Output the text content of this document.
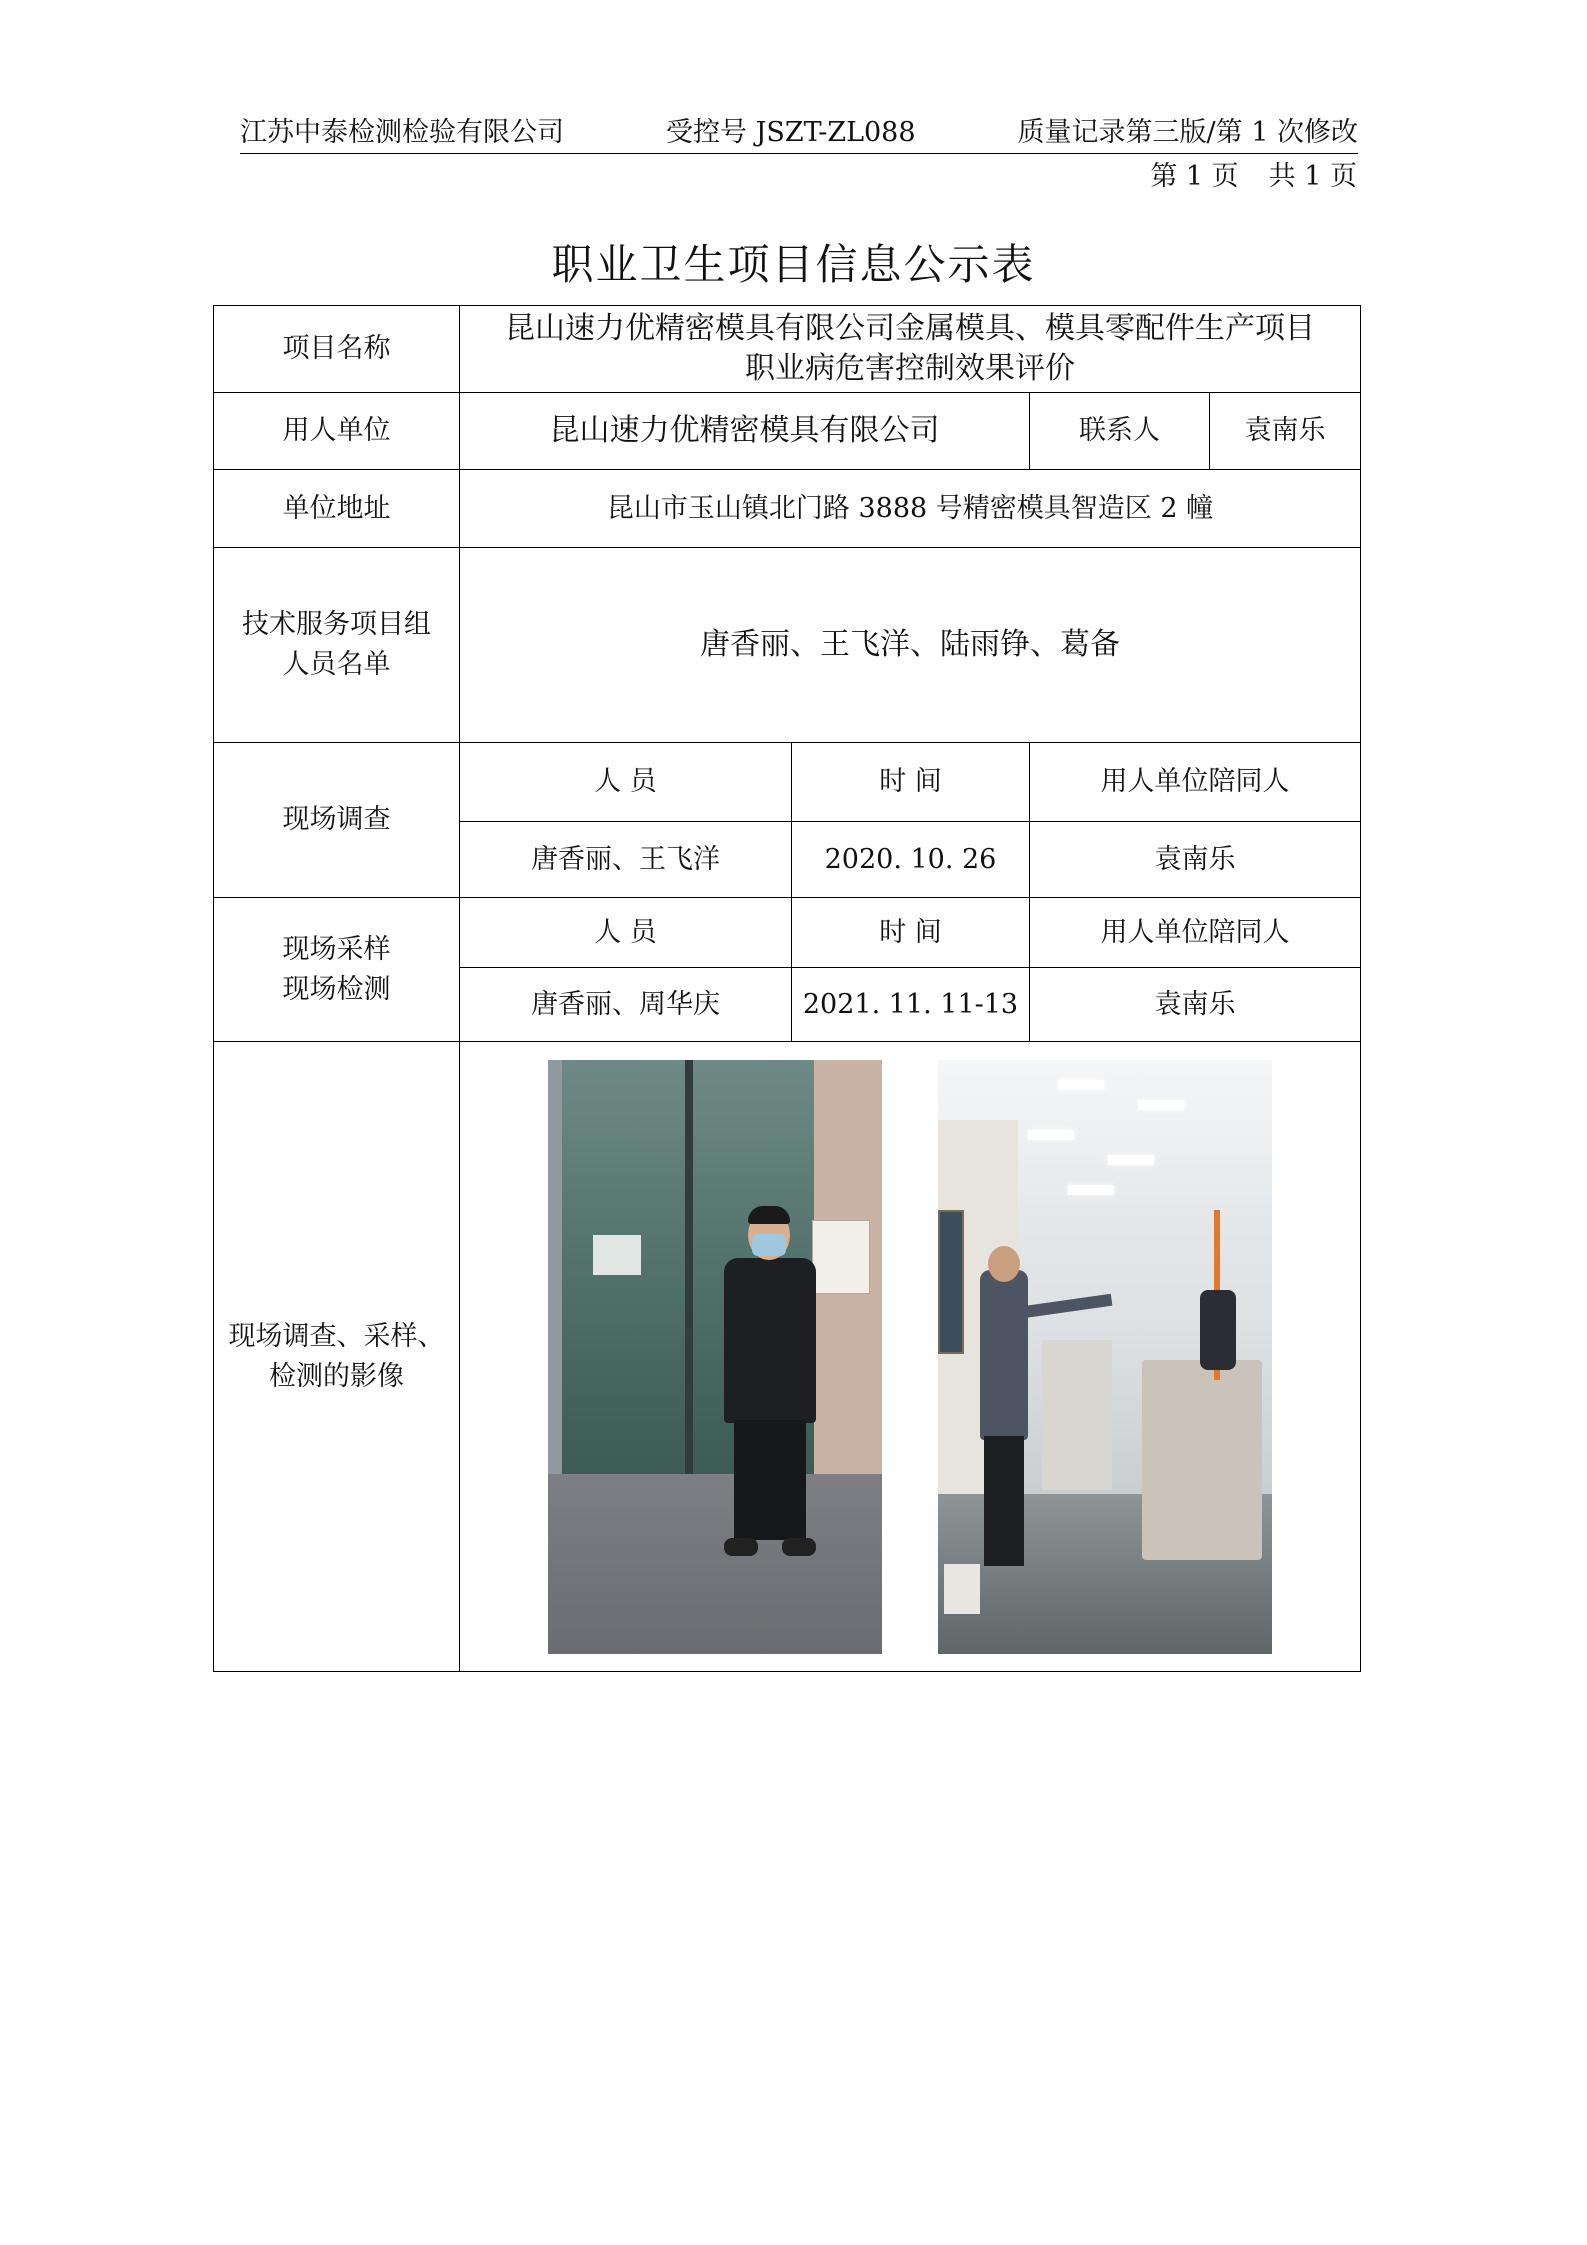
江苏中泰检测检验有限公司	受控号 JSZT-ZL088	质量记录第三版/第 1 次修改
第 1 页 共 1 页
职业卫生项目信息公示表
项目名称	昆山速力优精密模具有限公司金属模具、模具零配件生产项目
职业病危害控制效果评价			

用人单位	昆山速力优精密模具有限公司		联系人	袁南乐
单位地址	昆山市玉山镇北门路 3888 号精密模具智造区 2 幢			

技术服务项目组
人员名单	唐香丽、王飞洋、陆雨铮、葛备			
现场调查	人 员	时 间	用人单位陪同人	
	唐香丽、王飞洋	2020. 10. 26	袁南乐	

现场采样
现场检测	人 员	时 间	用人单位陪同人	
	唐香丽、周华庆	2021. 11. 11-13	袁南乐	

现场调查、采样、
检测的影像				
